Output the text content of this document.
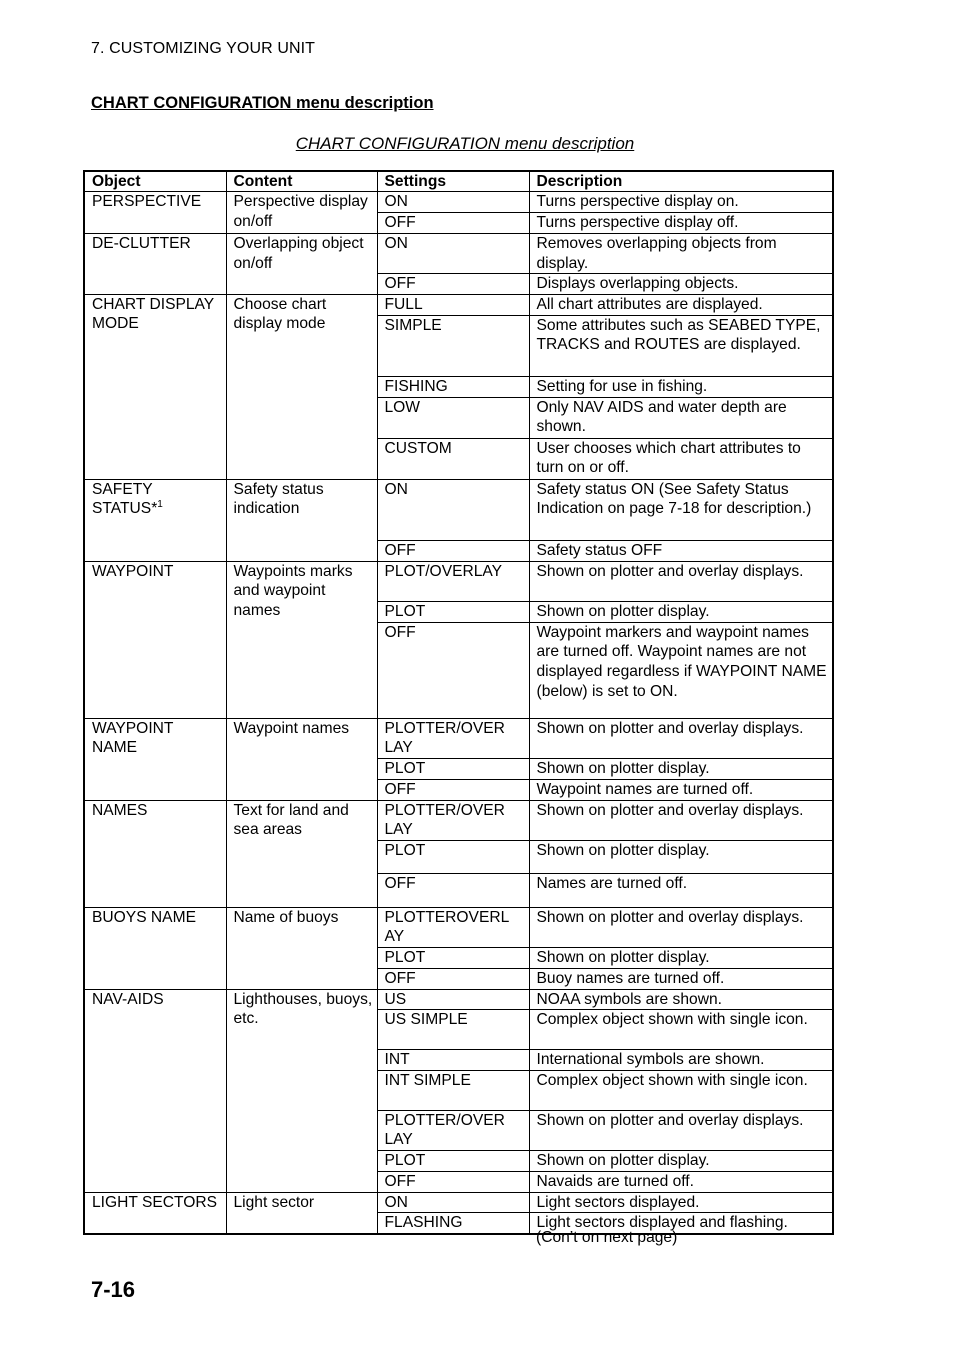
7. CUSTOMIZING YOUR UNIT
CHART CONFIGURATION menu description
CHART CONFIGURATION menu description
Object	Content	Settings	Description
PERSPECTIVE	Perspective display on/off	ON	Turns perspective display on.
		OFF	Turns perspective display off.
DE-CLUTTER	Overlapping object on/off	ON	Removes overlapping objects from display.
		OFF	Displays overlapping objects.
CHART DISPLAY MODE	Choose chart display mode	FULL	All chart attributes are displayed.
		SIMPLE	Some attributes such as SEABED TYPE, TRACKS and ROUTES are displayed.
		FISHING	Setting for use in fishing.
		LOW	Only NAV AIDS and water depth are shown.
		CUSTOM	User chooses which chart attributes to turn on or off.
SAFETY STATUS*$^1$	Safety status indication	ON	Safety status ON (See Safety Status Indication on page 7-18 for description.)
		OFF	Safety status OFF
WAYPOINT	Waypoints marks and waypoint names	PLOT/OVERLAY	Shown on plotter and overlay displays.
		PLOT	Shown on plotter display.
		OFF	Waypoint markers and waypoint names are turned off. Waypoint names are not displayed regardless if WAYPOINT NAME (below) is set to ON.
WAYPOINT NAME	Waypoint names	PLOTTER/OVER LAY	Shown on plotter and overlay displays.
		PLOT	Shown on plotter display.
		OFF	Waypoint names are turned off.
NAMES	Text for land and sea areas	PLOTTER/OVER LAY	Shown on plotter and overlay displays.
		PLOT	Shown on plotter display.
		OFF	Names are turned off.
BUOYS NAME	Name of buoys	PLOTTEROVERL AY	Shown on plotter and overlay displays.
		PLOT	Shown on plotter display.
		OFF	Buoy names are turned off.
NAV-AIDS	Lighthouses, buoys, etc.	US	NOAA symbols are shown.
		US SIMPLE	Complex object shown with single icon.
		INT	International symbols are shown.
		INT SIMPLE	Complex object shown with single icon.
		PLOTTER/OVER LAY	Shown on plotter and overlay displays.
		PLOT	Shown on plotter display.
		OFF	Navaids are turned off.
LIGHT SECTORS	Light sector	ON	Light sectors displayed.
		FLASHING	Light sectors displayed and flashing.
(Con’t on next page)
7-16
